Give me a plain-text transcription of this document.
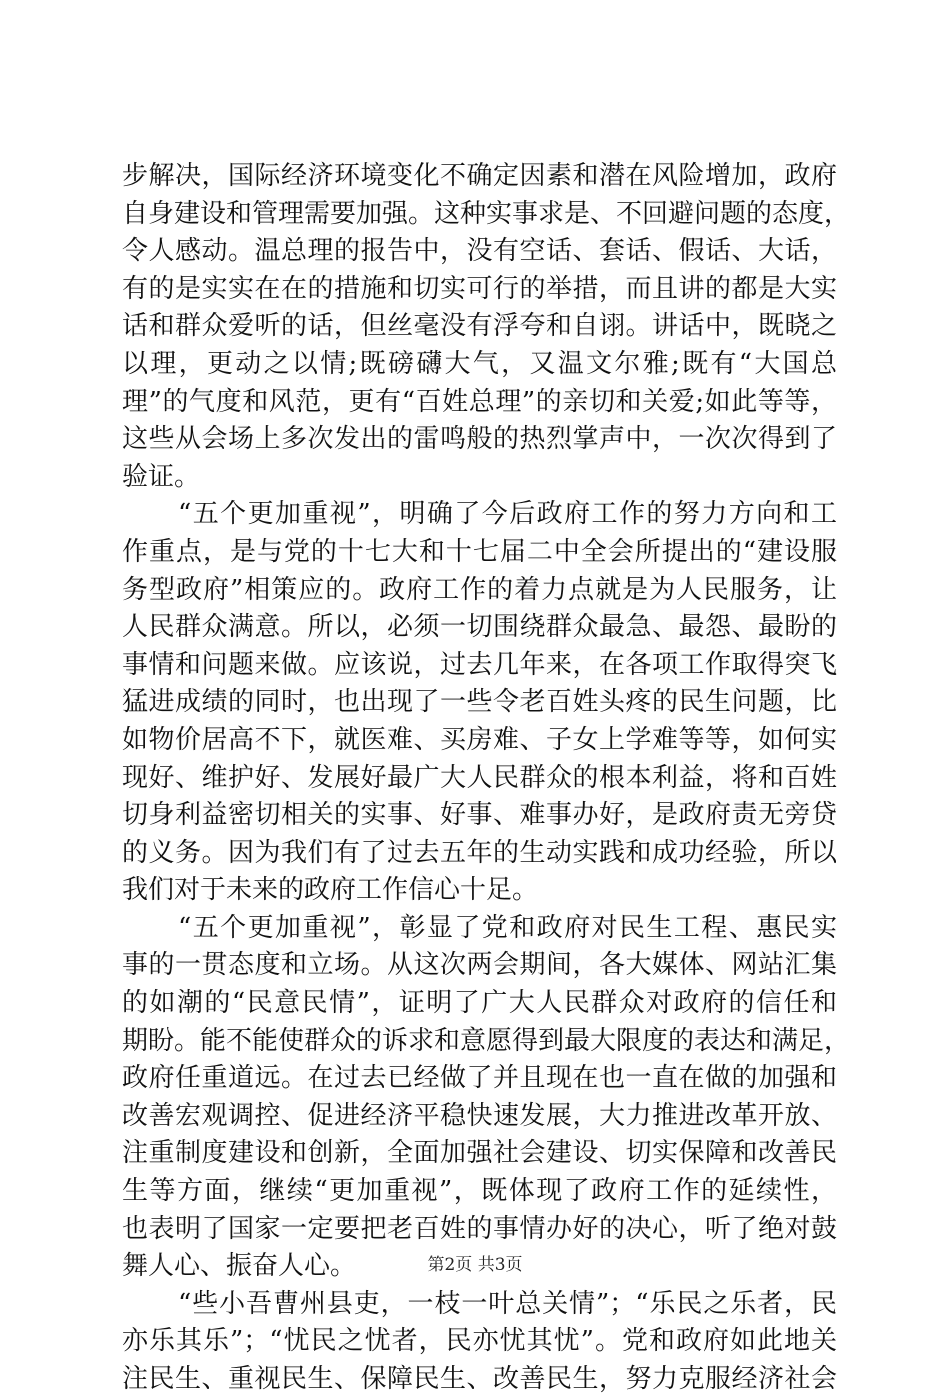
步解决，国际经济环境变化不确定因素和潜在风险增加，政府
自身建设和管理需要加强。这种实事求是、不回避问题的态度，
令人感动。温总理的报告中，没有空话、套话、假话、大话，
有的是实实在在的措施和切实可行的举措，而且讲的都是大实
话和群众爱听的话，但丝毫没有浮夸和自诩。讲话中，既晓之
以理，更动之以情;既磅礴大气，又温文尔雅;既有“大国总
理”的气度和风范，更有“百姓总理”的亲切和关爱;如此等等，
这些从会场上多次发出的雷鸣般的热烈掌声中，一次次得到了
验证。
“五个更加重视”，明确了今后政府工作的努力方向和工
作重点，是与党的十七大和十七届二中全会所提出的“建设服
务型政府”相策应的。政府工作的着力点就是为人民服务，让
人民群众满意。所以，必须一切围绕群众最急、最怨、最盼的
事情和问题来做。应该说，过去几年来，在各项工作取得突飞
猛进成绩的同时，也出现了一些令老百姓头疼的民生问题，比
如物价居高不下，就医难、买房难、子女上学难等等，如何实
现好、维护好、发展好最广大人民群众的根本利益，将和百姓
切身利益密切相关的实事、好事、难事办好，是政府责无旁贷
的义务。因为我们有了过去五年的生动实践和成功经验，所以
我们对于未来的政府工作信心十足。
“五个更加重视”，彰显了党和政府对民生工程、惠民实
事的一贯态度和立场。从这次两会期间，各大媒体、网站汇集
的如潮的“民意民情”，证明了广大人民群众对政府的信任和
期盼。能不能使群众的诉求和意愿得到最大限度的表达和满足，
政府任重道远。在过去已经做了并且现在也一直在做的加强和
改善宏观调控、促进经济平稳快速发展，大力推进改革开放、
注重制度建设和创新，全面加强社会建设、切实保障和改善民
生等方面，继续“更加重视”，既体现了政府工作的延续性，
也表明了国家一定要把老百姓的事情办好的决心，听了绝对鼓
舞人心、振奋人心。
“些小吾曹州县吏，一枝一叶总关情”；“乐民之乐者，民
亦乐其乐”；“忧民之忧者，民亦忧其忧”。党和政府如此地关
注民生、重视民生、保障民生、改善民生，努力克服经济社会
第2页 共3页
